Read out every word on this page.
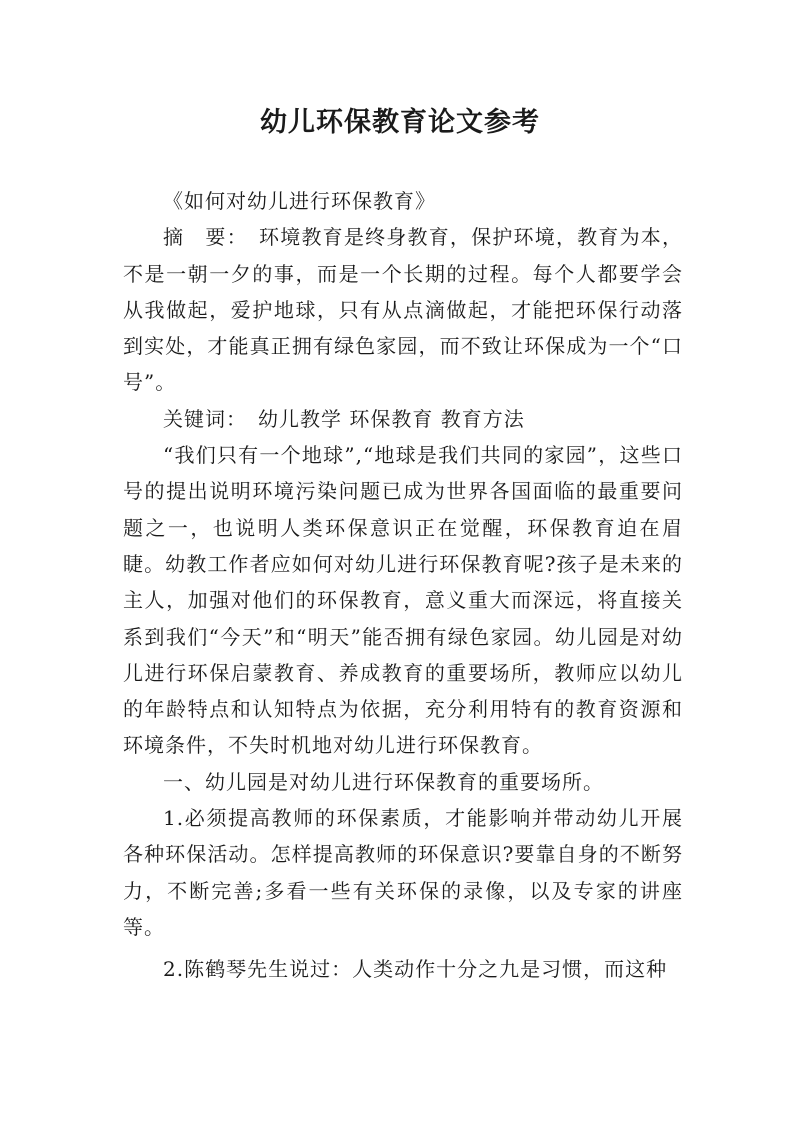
幼儿环保教育论文参考

《如何对幼儿进行环保教育》

摘　要：　环境教育是终身教育，保护环境，教育为本，不是一朝一夕的事，而是一个长期的过程。每个人都要学会从我做起，爱护地球，只有从点滴做起，才能把环保行动落到实处，才能真正拥有绿色家园，而不致让环保成为一个“口号”。

关键词：　幼儿教学 环保教育 教育方法

“我们只有一个地球”,“地球是我们共同的家园”，这些口号的提出说明环境污染问题已成为世界各国面临的最重要问题之一，也说明人类环保意识正在觉醒，环保教育迫在眉睫。幼教工作者应如何对幼儿进行环保教育呢?孩子是未来的主人，加强对他们的环保教育，意义重大而深远，将直接关系到我们“今天”和“明天”能否拥有绿色家园。幼儿园是对幼儿进行环保启蒙教育、养成教育的重要场所，教师应以幼儿的年龄特点和认知特点为依据，充分利用特有的教育资源和环境条件，不失时机地对幼儿进行环保教育。

一、幼儿园是对幼儿进行环保教育的重要场所。

1.必须提高教师的环保素质，才能影响并带动幼儿开展各种环保活动。怎样提高教师的环保意识?要靠自身的不断努力，不断完善;多看一些有关环保的录像，以及专家的讲座等。

2.陈鹤琴先生说过：人类动作十分之九是习惯，而这种
